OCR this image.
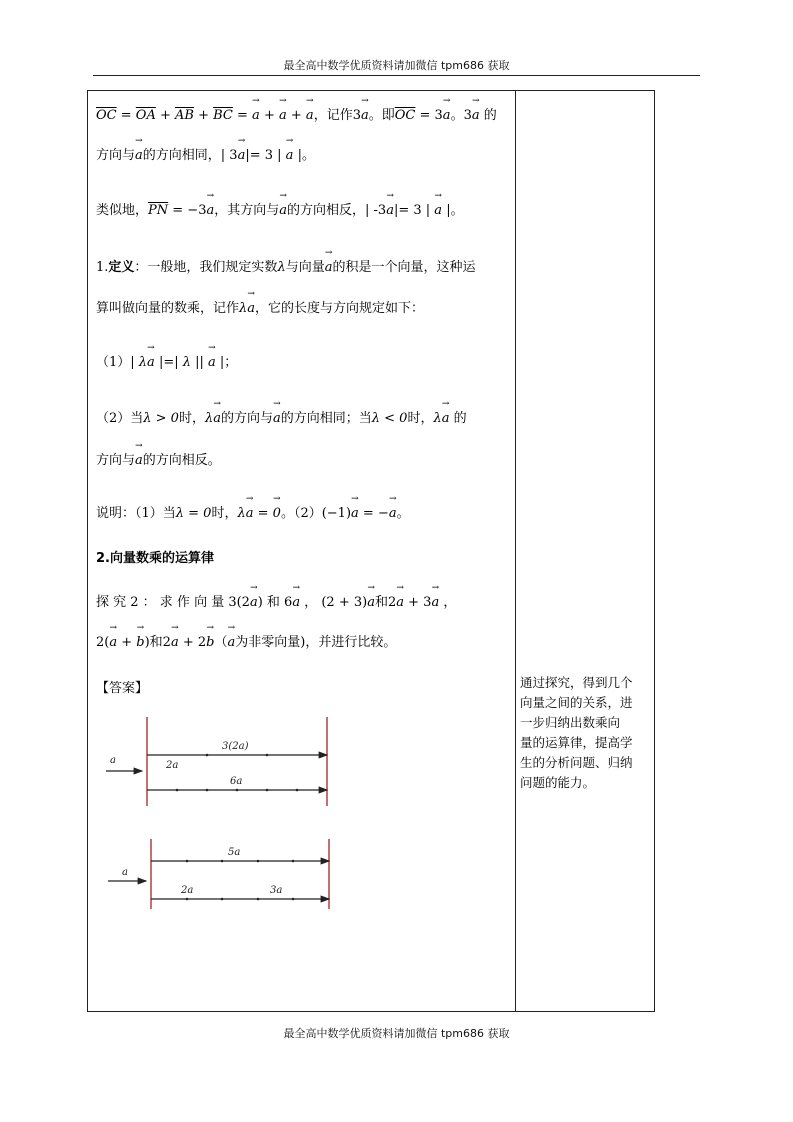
最全高中数学优质资料请加微信 tpm686 获取
$\overline{OC} = \overline{OA} + \overline{AB} + \overline{BC}$ = → a + → a + → a，记作3→ a。即$\overline{OC} = 3\to a$。3→ a 的
方向与→ a的方向相同，| 3→ a|= 3 | → a |。
类似地，$\overline{PN} = -3\to a$，其方向与→ a的方向相反，| -3→ a|= 3 | → a |。
1.定义：一般地，我们规定实数λ与向量→ a的积是一个向量，这种运
算叫做向量的数乘，记作λ→ a，它的长度与方向规定如下：
（1）| λ→ a |=| λ || → a |；
（2）当λ > 0时，λ→ a的方向与→ a的方向相同；当λ < 0时，λ→ a 的
方向与→ a的方向相反。
说明：（1）当λ = 0时，λ→ a = → 0。（2）(−1)→ a = −→ a。
2.向量数乘的运算律
探 究 2 ： 求 作 向 量 3(2→ a) 和 6→ a ， (2 + 3)→ a和2→ a + 3→ a ，
2(→ a + → b)和2→ a + 2→ b（→ a为非零向量)，并进行比较。
【答案】
a
3(2a)
2a
6a
a
5a
2a	3a
通过探究，得到几个
向量之间的关系，进
一步归纳出数乘向
量的运算律，提高学
生的分析问题、归纳
问题的能力。
最全高中数学优质资料请加微信 tpm686 获取
